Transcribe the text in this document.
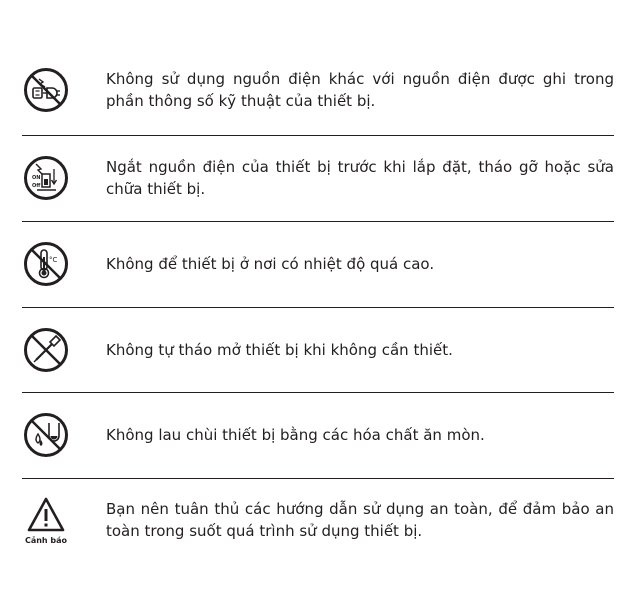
Không sử dụng nguồn điện khác với nguồn điện được ghi trong phần thông số kỹ thuật của thiết bị.
ON
Off
Ngắt nguồn điện của thiết bị trước khi lắp đặt, tháo gỡ hoặc sửa chữa thiết bị.
°C	Không để thiết bị ở nơi có nhiệt độ quá cao.
Không tự tháo mở thiết bị khi không cần thiết.
Không lau chùi thiết bị bằng các hóa chất ăn mòn.
Cảnh báo
Bạn nên tuân thủ các hướng dẫn sử dụng an toàn, để đảm bảo an toàn trong suốt quá trình sử dụng thiết bị.
